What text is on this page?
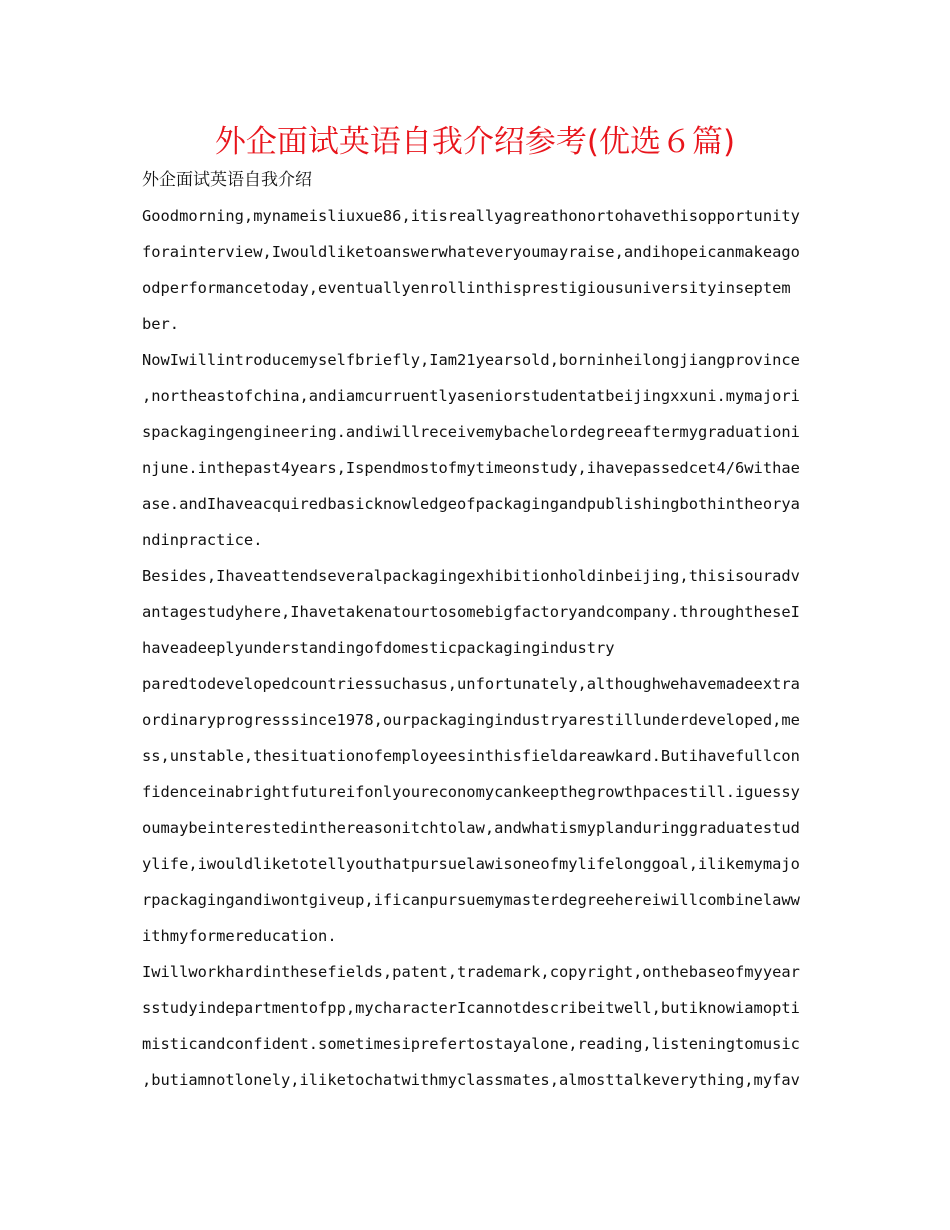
外企面试英语自我介绍参考(优选６篇)
外企面试英语自我介绍
Goodmorning,mynameisliuxue86,itisreallyagreathonortohavethisopportunity
forainterview,Iwouldliketoanswerwhateveryoumayraise,andihopeicanmakeago
odperformancetoday,eventuallyenrollinthisprestigiousuniversityinseptem
ber.
NowIwillintroducemyselfbriefly,Iam21yearsold,borninheilongjiangprovince
,northeastofchina,andiamcurruentlyaseniorstudentatbeijingxxuni.mymajori
spackagingengineering.andiwillreceivemybachelordegreeaftermygraduationi
njune.inthepast4years,Ispendmostofmytimeonstudy,ihavepassedcet4/6withae
ase.andIhaveacquiredbasicknowledgeofpackagingandpublishingbothintheorya
ndinpractice.
Besides,Ihaveattendseveralpackagingexhibitionholdinbeijing,thisisouradv
antagestudyhere,Ihavetakenatourtosomebigfactoryandcompany.throughtheseI
haveadeeplyunderstandingofdomesticpackagingindustry
paredtodevelopedcountriessuchasus,unfortunately,althoughwehavemadeextra
ordinaryprogresssince1978,ourpackagingindustryarestillunderdeveloped,me
ss,unstable,thesituationofemployeesinthisfieldareawkard.Butihavefullcon
fidenceinabrightfutureifonlyoureconomycankeepthegrowthpacestill.iguessy
oumaybeinterestedinthereasonitchtolaw,andwhatismyplanduringgraduatestud
ylife,iwouldliketotellyouthatpursuelawisoneofmylifelonggoal,ilikemymajo
rpackagingandiwontgiveup,ificanpursuemymasterdegreehereiwillcombinelaww
ithmyformereducation.
Iwillworkhardinthesefields,patent,trademark,copyright,onthebaseofmyyear
sstudyindepartmentofpp,mycharacterIcannotdescribeitwell,butiknowiamopti
misticandconfident.sometimesiprefertostayalone,reading,listeningtomusic
,butiamnotlonely,iliketochatwithmyclassmates,almosttalkeverything,myfav
